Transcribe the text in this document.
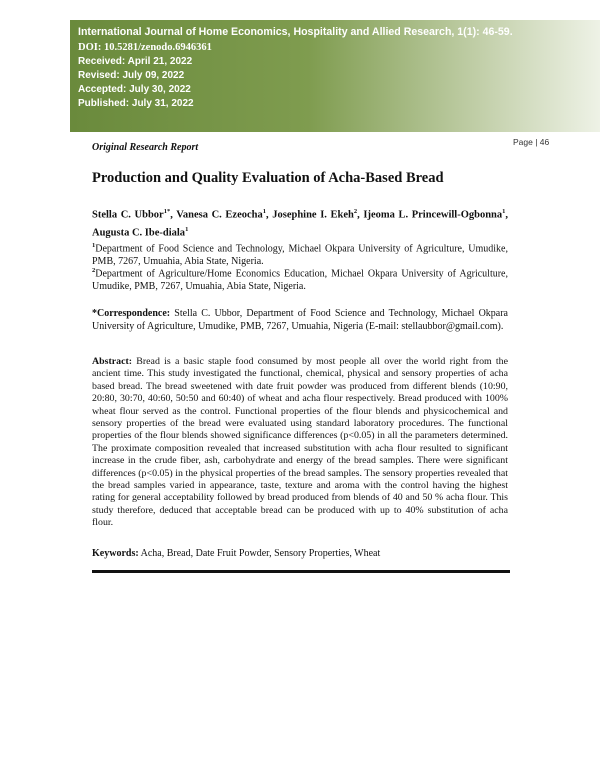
International Journal of Home Economics, Hospitality and Allied Research, 1(1): 46-59.
DOI: 10.5281/zenodo.6946361
Received: April 21, 2022
Revised: July 09, 2022
Accepted: July 30, 2022
Published: July 31, 2022
Page | 46
Original Research Report
Production and Quality Evaluation of Acha-Based Bread
Stella C. Ubbor$^{1*}$, Vanesa C. Ezeocha$^1$, Josephine I. Ekeh$^2$, Ijeoma L. Princewill-Ogbonna$^1$, Augusta C. Ibe-diala$^1$
$^1$Department of Food Science and Technology, Michael Okpara University of Agriculture, Umudike, PMB, 7267, Umuahia, Abia State, Nigeria.
$^2$Department of Agriculture/Home Economics Education, Michael Okpara University of Agriculture, Umudike, PMB, 7267, Umuahia, Abia State, Nigeria.
*Correspondence: Stella C. Ubbor, Department of Food Science and Technology, Michael Okpara University of Agriculture, Umudike, PMB, 7267, Umuahia, Nigeria (E-mail: stellaubbor@gmail.com).
Abstract: Bread is a basic staple food consumed by most people all over the world right from the ancient time. This study investigated the functional, chemical, physical and sensory properties of acha based bread. The bread sweetened with date fruit powder was produced from different blends (10:90, 20:80, 30:70, 40:60, 50:50 and 60:40) of wheat and acha flour respectively. Bread produced with 100% wheat flour served as the control. Functional properties of the flour blends and physicochemical and sensory properties of the bread were evaluated using standard laboratory procedures. The functional properties of the flour blends showed significance differences (p<0.05) in all the parameters determined. The proximate composition revealed that increased substitution with acha flour resulted to significant increase in the crude fiber, ash, carbohydrate and energy of the bread samples. There were significant differences (p<0.05) in the physical properties of the bread samples. The sensory properties revealed that the bread samples varied in appearance, taste, texture and aroma with the control having the highest rating for general acceptability followed by bread produced from blends of 40 and 50 % acha flour. This study therefore, deduced that acceptable bread can be produced with up to 40% substitution of acha flour.
Keywords: Acha, Bread, Date Fruit Powder, Sensory Properties, Wheat
